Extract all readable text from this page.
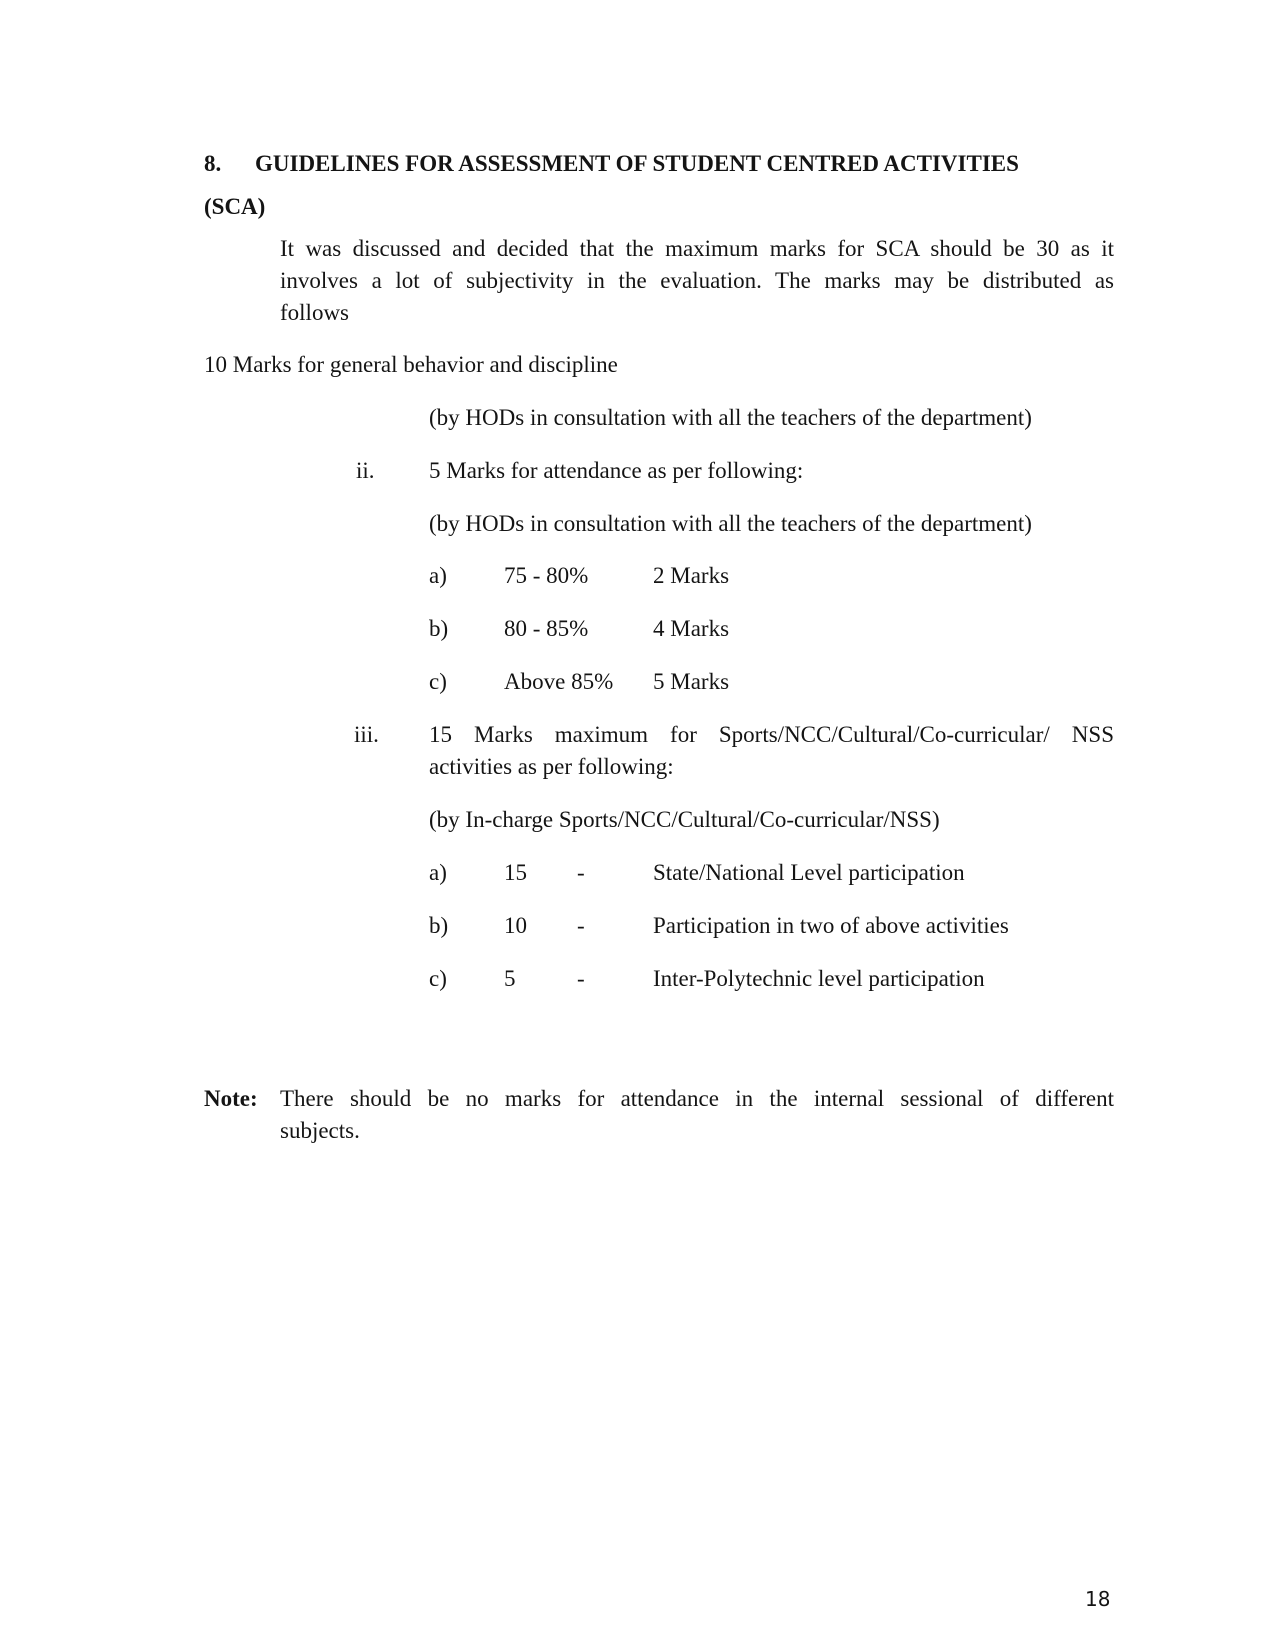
8. GUIDELINES FOR ASSESSMENT OF STUDENT CENTRED ACTIVITIES
(SCA)
It was discussed and decided that the maximum marks for SCA should be 30 as it
involves a lot of subjectivity in the evaluation. The marks may be distributed as
follows
10 Marks for general behavior and discipline
(by HODs in consultation with all the teachers of the department)
ii. 5 Marks for attendance as per following:
(by HODs in consultation with all the teachers of the department)
a) 75 - 80%	2 Marks
b) 80 - 85%	4 Marks
c) Above 85% 5 Marks
iii. 15 Marks maximum for Sports/NCC/Cultural/Co-curricular/ NSS
activities as per following:
(by In-charge Sports/NCC/Cultural/Co-curricular/NSS)
a) 15 -	State/National Level participation
b) 10 -	Participation in two of above activities
c) 5	-	Inter-Polytechnic level participation
Note: There should be no marks for attendance in the internal sessional of different
subjects.
18
